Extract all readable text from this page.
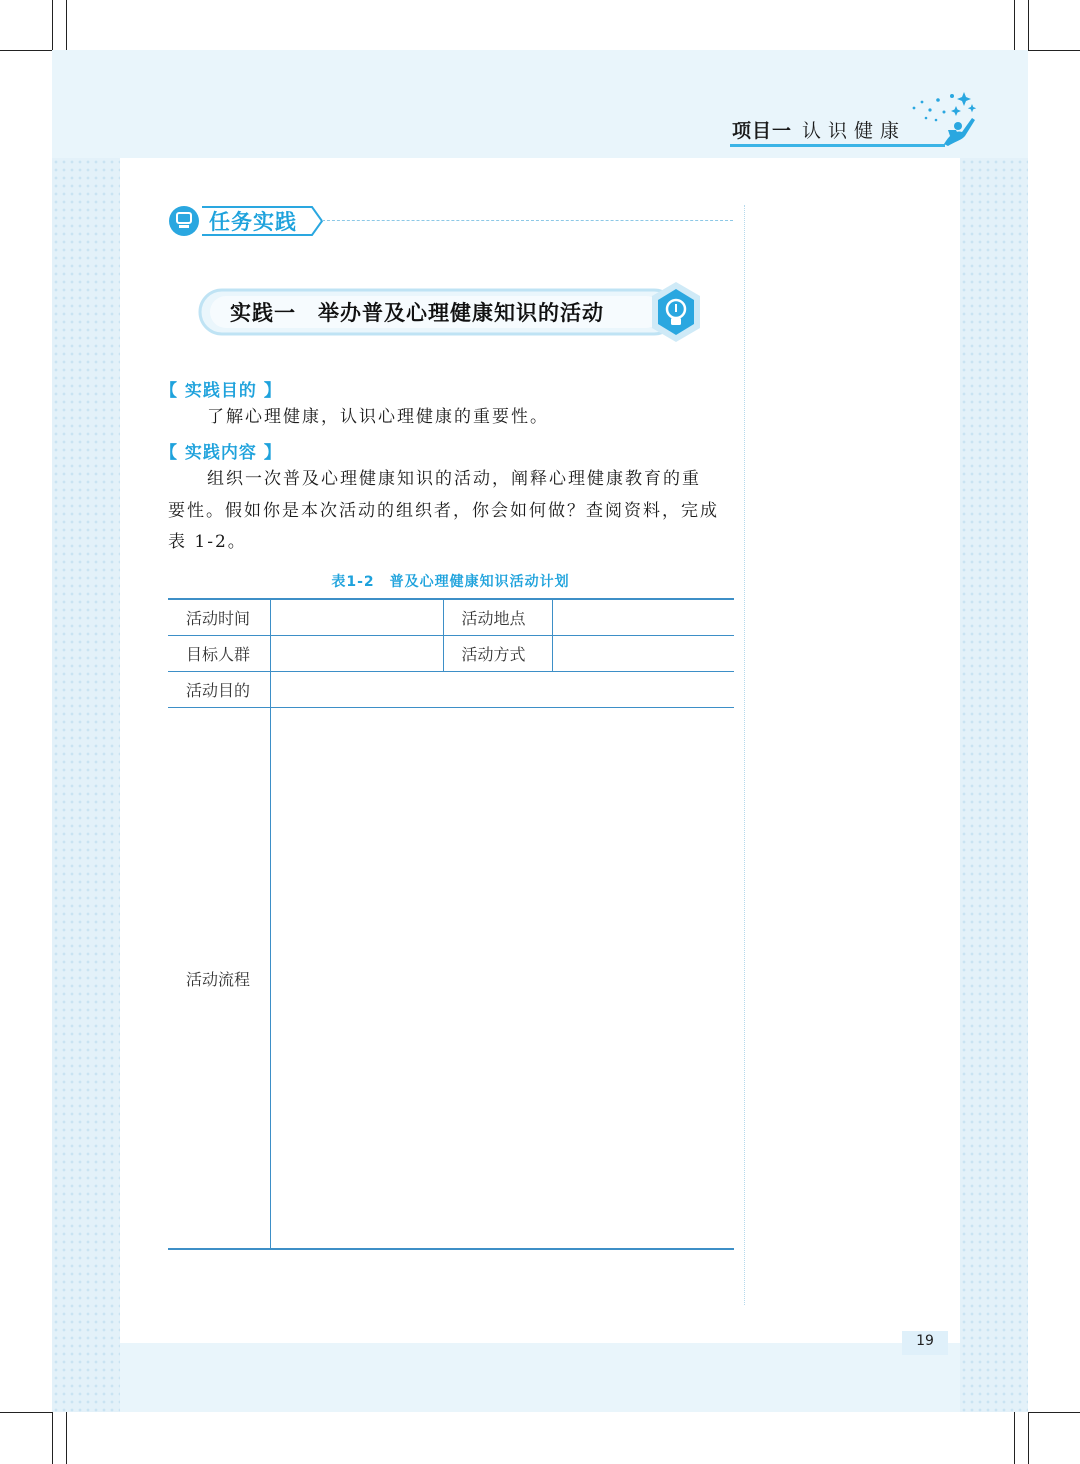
项目一 认识健康
任务实践
实践一　举办普及心理健康知识的活动
【 实践目的 】
了解心理健康，认识心理健康的重要性。
【 实践内容 】
组织一次普及心理健康知识的活动，阐释心理健康教育的重
要性。假如你是本次活动的组织者，你会如何做？查阅资料，完成
表 1-2。
表1-2　普及心理健康知识活动计划
活动时间		活动地点	
目标人群		活动方式	
活动目的			
活动流程			
19
